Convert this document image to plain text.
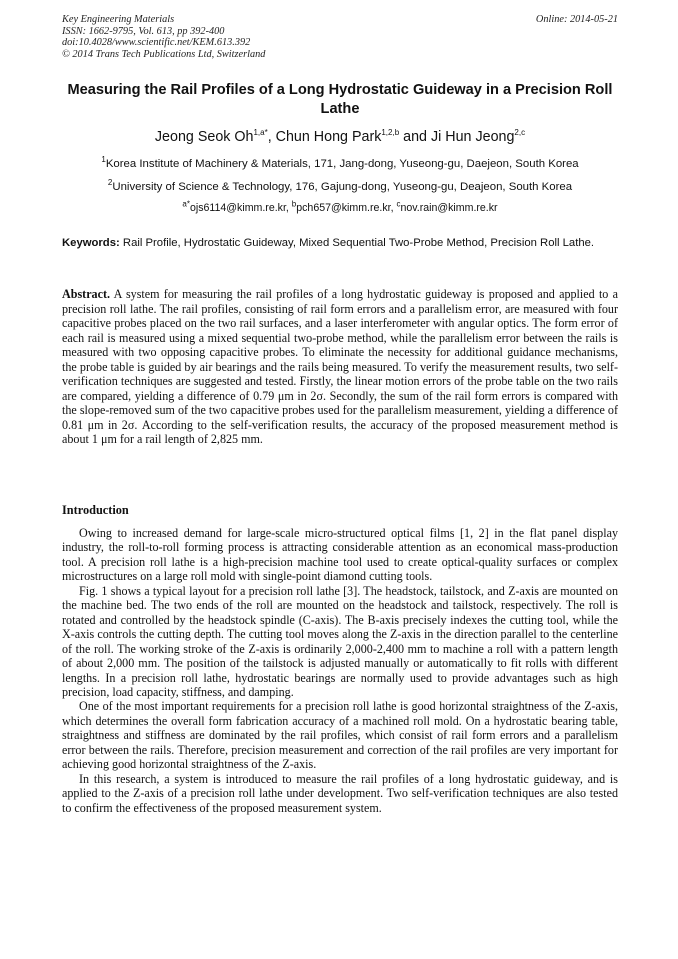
Key Engineering Materials
ISSN: 1662-9795, Vol. 613, pp 392-400
doi:10.4028/www.scientific.net/KEM.613.392
© 2014 Trans Tech Publications Ltd, Switzerland
Online: 2014-05-21
Measuring the Rail Profiles of a Long Hydrostatic Guideway in a Precision Roll Lathe
Jeong Seok $Oh^{1,a*}$, Chun Hong Park$^{1,2,b}$ and Ji Hun Jeong$^{2,c}$
$^1$Korea Institute of Machinery & Materials, 171, Jang-dong, Yuseong-gu, Daejeon, South Korea
$^2$University of Science & Technology, 176, Gajung-dong, Yuseong-gu, Deajeon, South Korea
$^{a*}$ojs6114@kimm.re.kr, $^b$pch657@kimm.re.kr, $^c$nov.rain@kimm.re.kr
Keywords: Rail Profile, Hydrostatic Guideway, Mixed Sequential Two-Probe Method, Precision Roll Lathe.
Abstract. A system for measuring the rail profiles of a long hydrostatic guideway is proposed and applied to a precision roll lathe. The rail profiles, consisting of rail form errors and a parallelism error, are measured with four capacitive probes placed on the two rail surfaces, and a laser interferometer with angular optics. The form error of each rail is measured using a mixed sequential two-probe method, while the parallelism error between the rails is measured with two opposing capacitive probes. To eliminate the necessity for additional guidance mechanisms, the probe table is guided by air bearings and the rails being measured. To verify the measurement results, two self-verification techniques are suggested and tested. Firstly, the linear motion errors of the probe table on the two rails are compared, yielding a difference of 0.79 μm in 2σ. Secondly, the sum of the rail form errors is compared with the slope-removed sum of the two capacitive probes used for the parallelism measurement, yielding a difference of 0.81 μm in 2σ. According to the self-verification results, the accuracy of the proposed measurement method is about 1 μm for a rail length of 2,825 mm.
Introduction

Owing to increased demand for large-scale micro-structured optical films [1, 2] in the flat panel display industry, the roll-to-roll forming process is attracting considerable attention as an economical mass-production tool. A precision roll lathe is a high-precision machine tool used to create optical-quality surfaces or complex microstructures on a large roll mold with single-point diamond cutting tools.

Fig. 1 shows a typical layout for a precision roll lathe [3]. The headstock, tailstock, and Z-axis are mounted on the machine bed. The two ends of the roll are mounted on the headstock and tailstock, respectively. The roll is rotated and controlled by the headstock spindle (C-axis). The B-axis precisely indexes the cutting tool, while the X-axis controls the cutting depth. The cutting tool moves along the Z-axis in the direction parallel to the centerline of the roll. The working stroke of the Z-axis is ordinarily 2,000-2,400 mm to machine a roll with a pattern length of about 2,000 mm. The position of the tailstock is adjusted manually or automatically to fit rolls with different lengths. In a precision roll lathe, hydrostatic bearings are normally used to provide advantages such as high precision, load capacity, stiffness, and damping.

One of the most important requirements for a precision roll lathe is good horizontal straightness of the Z-axis, which determines the overall form fabrication accuracy of a machined roll mold. On a hydrostatic bearing table, straightness and stiffness are dominated by the rail profiles, which consist of rail form errors and a parallelism error between the rails. Therefore, precision measurement and correction of the rail profiles are very important for achieving good horizontal straightness of the Z-axis.

In this research, a system is introduced to measure the rail profiles of a long hydrostatic guideway, and is applied to the Z-axis of a precision roll lathe under development. Two self-verification techniques are also tested to confirm the effectiveness of the proposed measurement system.
